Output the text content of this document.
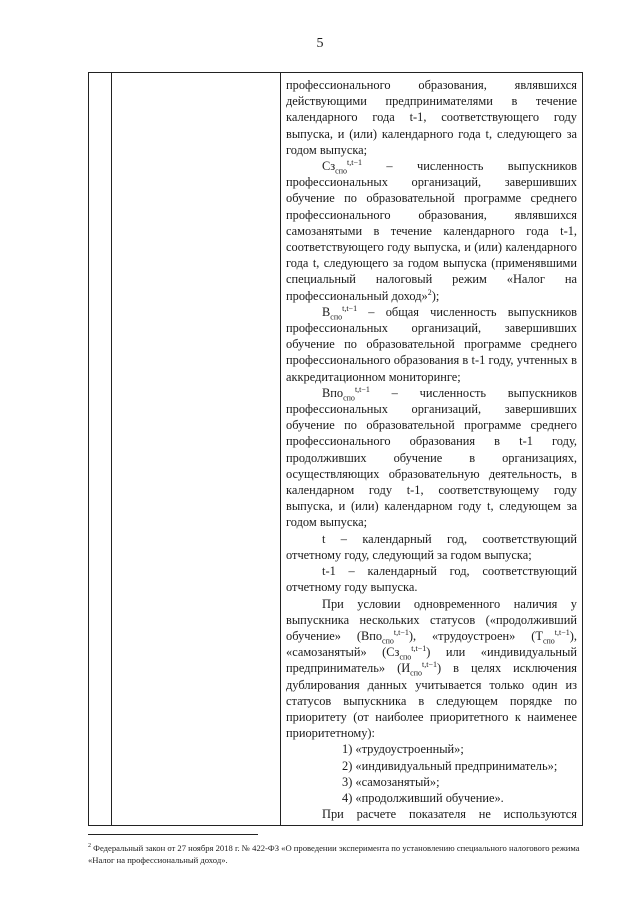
5

профессионального образования, являвшихся действующими предпринимателями в течение календарного года t-1, соответствующего году выпуска, и (или) календарного года t, следующего за годом выпуска;

$Сз_{спо}^{t,t-1}$ – численность выпускников профессиональных организаций, завершивших обучение по образовательной программе среднего профессионального образования, являвшихся самозанятыми в течение календарного года t-1, соответствующего году выпуска, и (или) календарного года t, следующего за годом выпуска (применявшими специальный налоговый режим «Налог на профессиональный доход»$^2$);

$В_{спо}^{t,t-1}$ – общая численность выпускников профессиональных организаций, завершивших обучение по образовательной программе среднего профессионального образования в t-1 году, учтенных в аккредитационном мониторинге;

Впо$_{спо}^{t,t-1}$ – численность выпускников профессиональных организаций, завершивших обучение по образовательной программе среднего профессионального образования в t-1 году, продолживших обучение в организациях, осуществляющих образовательную деятельность, в календарном году t-1, соответствующему году выпуска, и (или) календарном году t, следующем за годом выпуска;

t – календарный год, соответствующий отчетному году, следующий за годом выпуска;

t-1 – календарный год, соответствующий отчетному году выпуска.

При условии одновременного наличия у выпускника нескольких статусов («продолживший обучение» (Впо$_{спо}^{t,t-1}$), «трудоустроен» $(Т_{спо}^{t,t-1})$, «самозанятый» $(Сз_{спо}^{t,t-1})$ или «индивидуальный предприниматель» $(И_{спо}^{t,t-1})$ в целях исключения дублирования данных учитывается только один из статусов выпускника в следующем порядке по приоритету (от наиболее приоритетного к наименее приоритетному):

1) «трудоустроенный»;

2) «индивидуальный предприниматель»;

3) «самозанятый»;

4) «продолживший обучение».

При расчете показателя не используются

$^2$ Федеральный закон от 27 ноября 2018 г. № 422-ФЗ «О проведении эксперимента по установлению специального налогового режима «Налог на профессиональный доход».
